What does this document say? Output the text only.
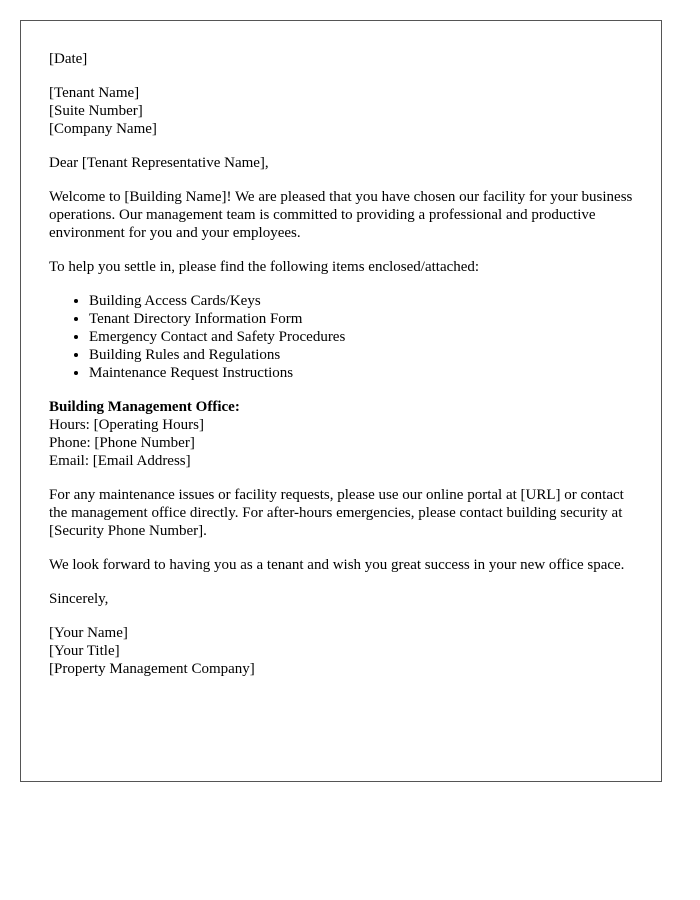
[Date]

[Tenant Name]
[Suite Number]
[Company Name]

Dear [Tenant Representative Name],

Welcome to [Building Name]! We are pleased that you have chosen our facility for your business operations. Our management team is committed to providing a professional and productive environment for you and your employees.

To help you settle in, please find the following items enclosed/attached:

• Building Access Cards/Keys
• Tenant Directory Information Form
• Emergency Contact and Safety Procedures
• Building Rules and Regulations
• Maintenance Request Instructions
Building Management Office:
Hours: [Operating Hours]
Phone: [Phone Number]
Email: [Email Address]

For any maintenance issues or facility requests, please use our online portal at [URL] or contact the management office directly. For after-hours emergencies, please contact building security at [Security Phone Number].

We look forward to having you as a tenant and wish you great success in your new office space.

Sincerely,

[Your Name]
[Your Title]
[Property Management Company]
